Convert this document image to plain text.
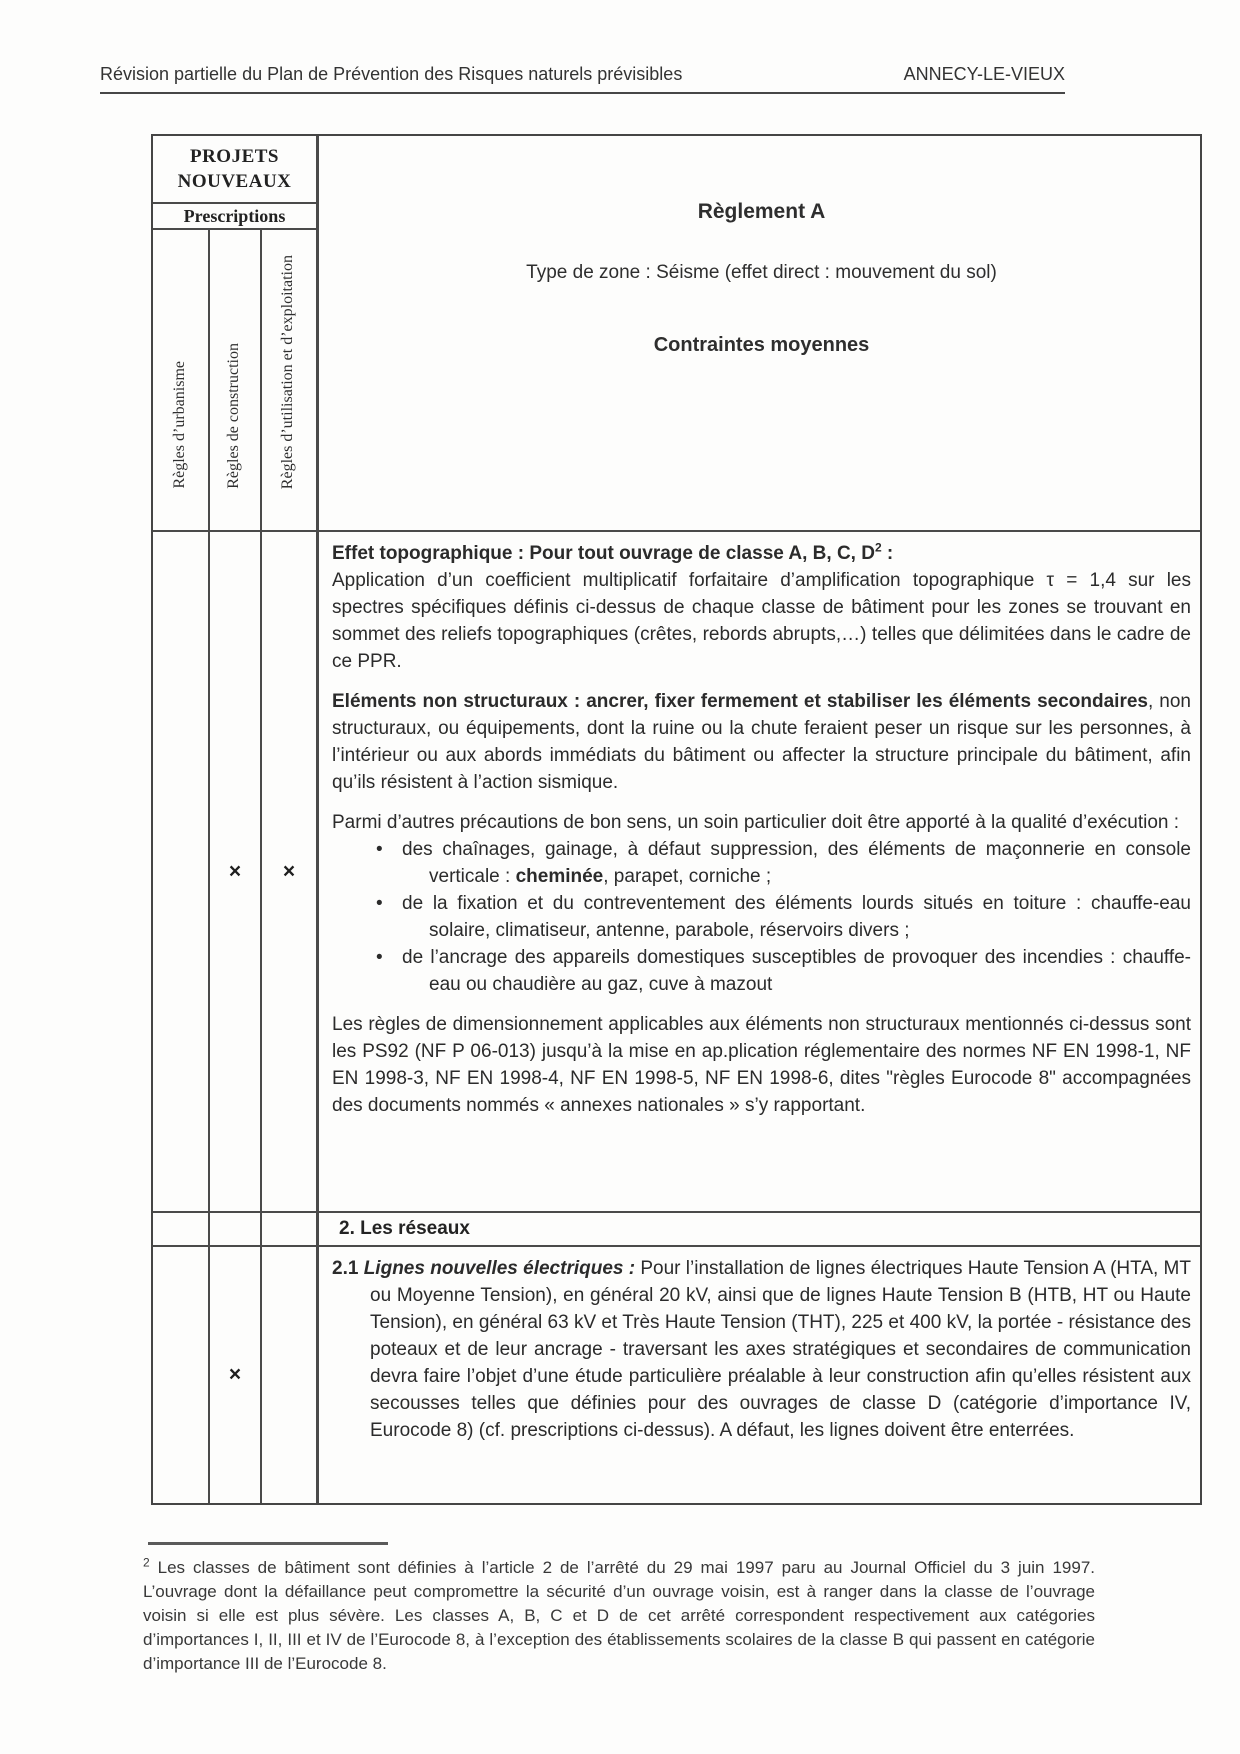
Révision partielle du Plan de Prévention des Risques naturels prévisibles	ANNECY-LE-VIEUX
PROJETS
NOUVEAUX
Prescriptions
Règles d’urbanisme Règles de construction Règles d’utilisation et d’exploitation
Règlement A
Type de zone : Séisme (effet direct : mouvement du sol)
Contraintes moyennes
×	×
×
Effet topographique : Pour tout ouvrage de classe A, B, C, $D^2$ :
Application d’un coefficient multiplicatif forfaitaire d’amplification topographique τ = 1,4 sur les spectres spécifiques définis ci-dessus de chaque classe de bâtiment pour les zones se trouvant en sommet des reliefs topographiques (crêtes, rebords abrupts,…) telles que délimitées dans le cadre de ce PPR.
Eléments non structuraux : ancrer, fixer fermement et stabiliser les éléments secondaires, non structuraux, ou équipements, dont la ruine ou la chute feraient peser un risque sur les personnes, à l’intérieur ou aux abords immédiats du bâtiment ou affecter la structure principale du bâtiment, afin qu’ils résistent à l’action sismique.
Parmi d’autres précautions de bon sens, un soin particulier doit être apporté à la qualité d’exécution :
• des chaînages, gainage, à défaut suppression, des éléments de maçonnerie en console verticale : cheminée, parapet, corniche ;
• de la fixation et du contreventement des éléments lourds situés en toiture : chauffe-eau solaire, climatiseur, antenne, parabole, réservoirs divers ;
• de l’ancrage des appareils domestiques susceptibles de provoquer des incendies : chauffe-eau ou chaudière au gaz, cuve à mazout
Les règles de dimensionnement applicables aux éléments non structuraux mentionnés ci-dessus sont les PS92 (NF P 06-013) jusqu’à la mise en ap.plication réglementaire des normes NF EN 1998-1, NF EN 1998-3, NF EN 1998-4, NF EN 1998-5, NF EN 1998-6, dites "règles Eurocode 8" accompagnées des documents nommés « annexes nationales » s’y rapportant.
2. Les réseaux
2.1 Lignes nouvelles électriques : Pour l’installation de lignes électriques Haute Tension A (HTA, MT ou Moyenne Tension), en général 20 kV, ainsi que de lignes Haute Tension B (HTB, HT ou Haute Tension), en général 63 kV et Très Haute Tension (THT), 225 et 400 kV, la portée - résistance des poteaux et de leur ancrage - traversant les axes stratégiques et secondaires de communication devra faire l’objet d’une étude particulière préalable à leur construction afin qu’elles résistent aux secousses telles que définies pour des ouvrages de classe D (catégorie d’importance IV, Eurocode 8) (cf. prescriptions ci-dessus). A défaut, les lignes doivent être enterrées.
$^2$ Les classes de bâtiment sont définies à l’article 2 de l’arrêté du 29 mai 1997 paru au Journal Officiel du 3 juin 1997. L’ouvrage dont la défaillance peut compromettre la sécurité d’un ouvrage voisin, est à ranger dans la classe de l’ouvrage voisin si elle est plus sévère. Les classes A, B, C et D de cet arrêté correspondent respectivement aux catégories d’importances I, II, III et IV de l’Eurocode 8, à l’exception des établissements scolaires de la classe B qui passent en catégorie d’importance III de l’Eurocode 8.
